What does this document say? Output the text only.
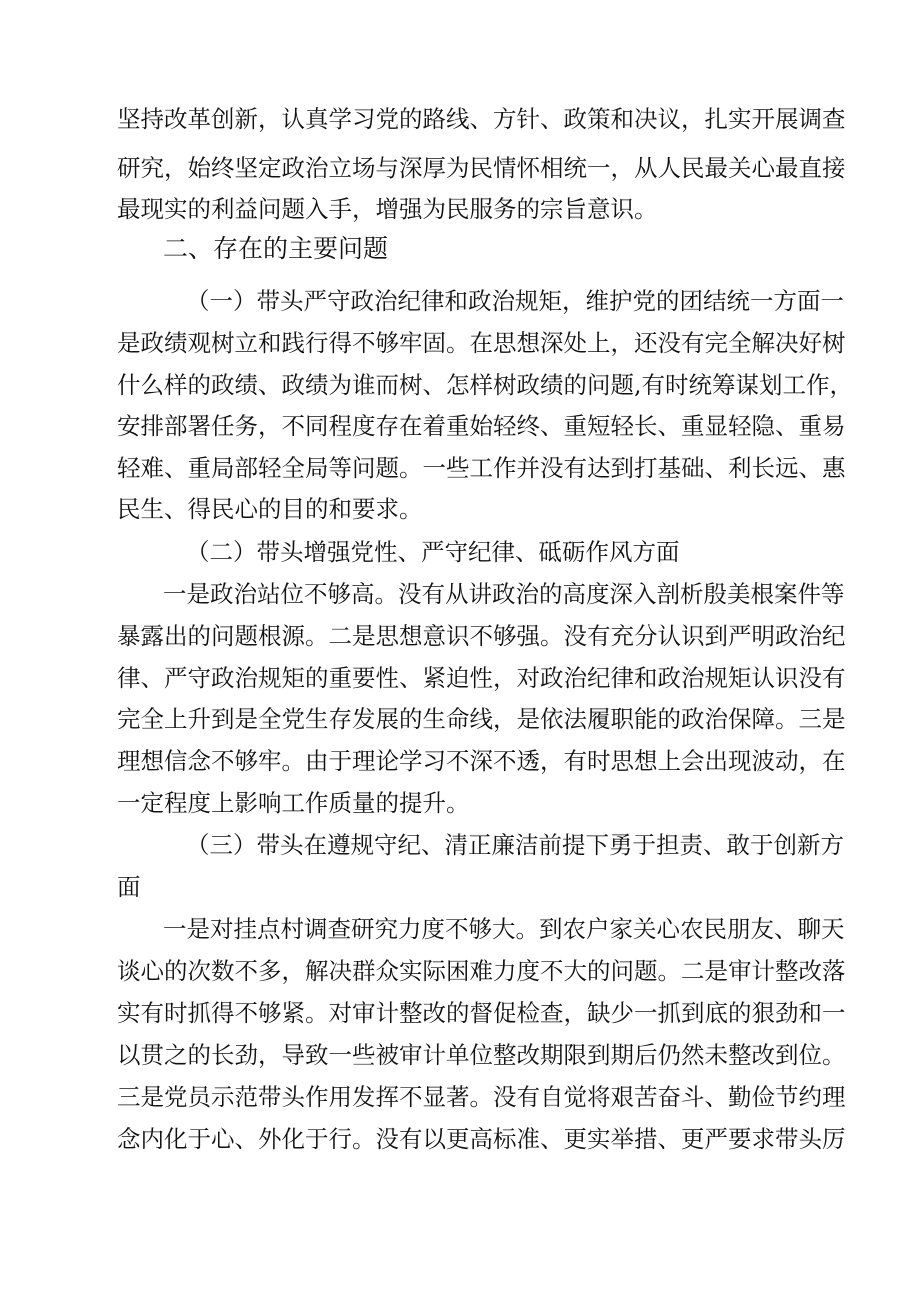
坚持改革创新，认真学习党的路线、方针、政策和决议，扎实开展调查
研究，始终坚定政治立场与深厚为民情怀相统一，从人民最关心最直接
最现实的利益问题入手，增强为民服务的宗旨意识。
二、存在的主要问题
（一）带头严守政治纪律和政治规矩，维护党的团结统一方面一
是政绩观树立和践行得不够牢固。在思想深处上，还没有完全解决好树
什么样的政绩、政绩为谁而树、怎样树政绩的问题,有时统筹谋划工作，
安排部署任务，不同程度存在着重始轻终、重短轻长、重显轻隐、重易
轻难、重局部轻全局等问题。一些工作并没有达到打基础、利长远、惠
民生、得民心的目的和要求。
（二）带头增强党性、严守纪律、砥砺作风方面
一是政治站位不够高。没有从讲政治的高度深入剖析殷美根案件等
暴露出的问题根源。二是思想意识不够强。没有充分认识到严明政治纪
律、严守政治规矩的重要性、紧迫性，对政治纪律和政治规矩认识没有
完全上升到是全党生存发展的生命线，是依法履职能的政治保障。三是
理想信念不够牢。由于理论学习不深不透，有时思想上会出现波动，在
一定程度上影响工作质量的提升。
（三）带头在遵规守纪、清正廉洁前提下勇于担责、敢于创新方
面
一是对挂点村调查研究力度不够大。到农户家关心农民朋友、聊天
谈心的次数不多，解决群众实际困难力度不大的问题。二是审计整改落
实有时抓得不够紧。对审计整改的督促检查，缺少一抓到底的狠劲和一
以贯之的长劲，导致一些被审计单位整改期限到期后仍然未整改到位。
三是党员示范带头作用发挥不显著。没有自觉将艰苦奋斗、勤俭节约理
念内化于心、外化于行。没有以更高标准、更实举措、更严要求带头厉
